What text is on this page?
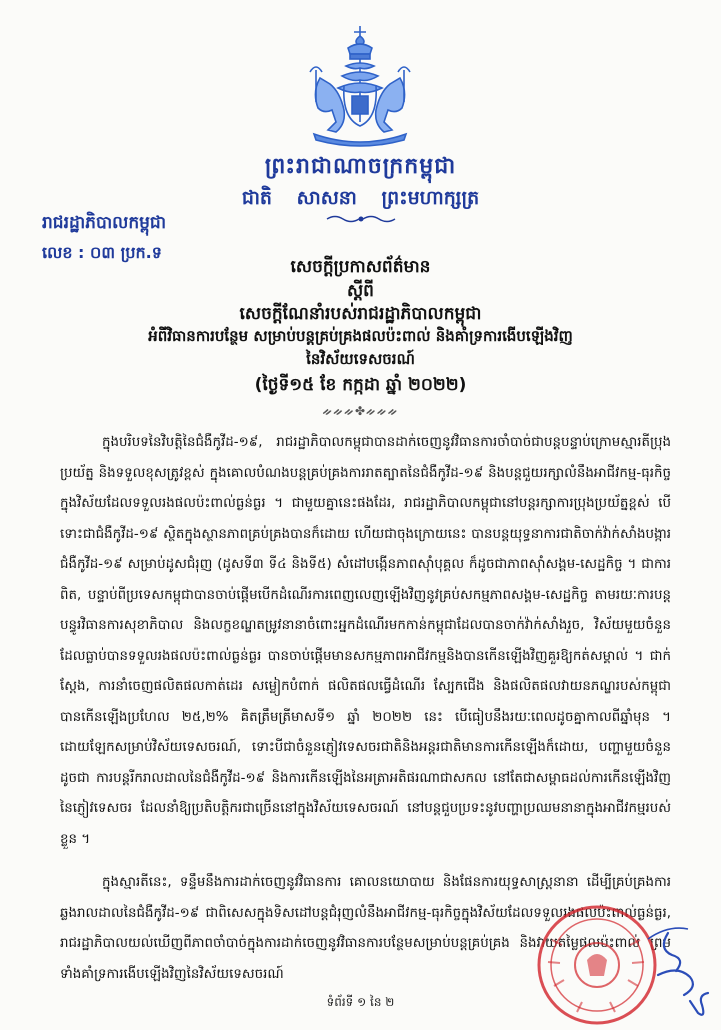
ព្រះរាជាណាចក្រកម្ពុជា
ជាតិ សាសនា ព្រះមហាក្សត្រ
រាជរដ្ឋាភិបាលកម្ពុជា
លេខ : ០៣ ប្រក.ទ
សេចក្តីប្រកាសព័ត៌មាន
ស្តីពី
សេចក្តីណែនាំរបស់រាជរដ្ឋាភិបាលកម្ពុជា
អំពីវិធានការបន្ថែម សម្រាប់បន្តគ្រប់គ្រងផលប៉ះពាល់ និងគាំទ្រការងើបឡើងវិញ
នៃវិស័យទេសចរណ៍
(ថ្ងៃទី១៥ ខែ កក្កដា ឆ្នាំ ២០២២)
ᨀᨀᨀ✤ᨀᨀᨀ
ក្នុងបរិបទនៃវិបត្តិនៃជំងឺកូវីដ-១៩, រាជរដ្ឋាភិបាលកម្ពុជាបានដាក់ចេញនូវវិធានការចាំបាច់ជាបន្តបន្ទាប់ក្រោមស្មារតីប្រុងប្រយ័ត្ន និងទទួលខុសត្រូវខ្ពស់ ក្នុងគោលបំណងបន្តគ្រប់គ្រងការរាតត្បាតនៃជំងឺកូវីដ-១៩ និងបន្តជួយរក្សាលំនឹងអាជីវកម្ម-ធុរកិច្ចក្នុងវិស័យដែលទទួលរងផលប៉ះពាល់ធ្ងន់ធ្ងរ ។ ជាមួយគ្នានេះផងដែរ, រាជរដ្ឋាភិបាលកម្ពុជានៅបន្តរក្សាការប្រុងប្រយ័ត្នខ្ពស់ បើទោះជាជំងឺកូវីដ-១៩ ស្ថិតក្នុងស្ថានភាពគ្រប់គ្រងបានក៏ដោយ ហើយជាចុងក្រោយនេះ បានបន្តយុទ្ធនាការជាតិចាក់វ៉ាក់សាំងបង្ការជំងឺកូវីដ-១៩ សម្រាប់ដូសជំរុញ (ដូសទី៣ ទី៤ និងទី៥) សំដៅបង្កើនភាពស៊ាំបុគ្គល ក៏ដូចជាភាពស៊ាំសង្គម-សេដ្ឋកិច្ច ។ ជាការពិត, បន្ទាប់ពីប្រទេសកម្ពុជាបានចាប់ផ្តើមបើកដំណើរការពេញលេញឡើងវិញនូវគ្រប់សកម្មភាពសង្គម-សេដ្ឋកិច្ច តាមរយៈការបន្តបន្ធូរវិធានការសុខាភិបាល និងលក្ខខណ្ឌតម្រូវនានាចំពោះអ្នកដំណើរមកកាន់កម្ពុជាដែលបានចាក់វ៉ាក់សាំងរួច, វិស័យមួយចំនួនដែលធ្លាប់បានទទួលរងផលប៉ះពាល់ធ្ងន់ធ្ងរ បានចាប់ផ្តើមមានសកម្មភាពអាជីវកម្មនិងបានកើនឡើងវិញគួរឱ្យកត់សម្គាល់ ។ ជាក់ស្តែង, ការនាំចេញផលិតផលកាត់ដេរ សម្លៀកបំពាក់ ផលិតផលធ្វើដំណើរ ស្បែកជើង និងផលិតផលវាយនភណ្ឌរបស់កម្ពុជា បានកើនឡើងប្រហែល ២៥,២% គិតត្រឹមត្រីមាសទី១ ឆ្នាំ ២០២២ នេះ បើធៀបនឹងរយៈពេលដូចគ្នាកាលពីឆ្នាំមុន ។ ដោយឡែកសម្រាប់វិស័យទេសចរណ៍, ទោះបីជាចំនួនភ្ញៀវទេសចរជាតិនិងអន្តរជាតិមានការកើនឡើងក៏ដោយ, បញ្ហាមួយចំនួនដូចជា ការបន្តរីករាលដាលនៃជំងឺកូវីដ-១៩ និងការកើនឡើងនៃអត្រាអតិផរណាជាសកល នៅតែជាសម្ពាធដល់ការកើនឡើងវិញនៃភ្ញៀវទេសចរ ដែលនាំឱ្យប្រតិបត្តិករជាច្រើននៅក្នុងវិស័យទេសចរណ៍ នៅបន្តជួបប្រទះនូវបញ្ហាប្រឈមនានាក្នុងអាជីវកម្មរបស់ខ្លួន ។
ក្នុងស្មារតីនេះ, ទន្ទឹមនឹងការដាក់ចេញនូវវិធានការ គោលនយោបាយ និងផែនការយុទ្ធសាស្ត្រនានា ដើម្បីគ្រប់គ្រងការឆ្លងរាលដាលនៃជំងឺកូវីដ-១៩ ជាពិសេសក្នុងទិសដៅបន្តជំរុញលំនឹងអាជីវកម្ម-ធុរកិច្ចក្នុងវិស័យដែលទទួលរងផលប៉ះពាល់ធ្ងន់ធ្ងរ, រាជរដ្ឋាភិបាលយល់ឃើញពីភាពចាំបាច់ក្នុងការដាក់ចេញនូវវិធានការបន្ថែមសម្រាប់បន្តគ្រប់គ្រង និងវាយតម្លៃផលប៉ះពាល់ ព្រមទាំងគាំទ្រការងើបឡើងវិញនៃវិស័យទេសចរណ៍
ទំព័រទី ១ នៃ ២
